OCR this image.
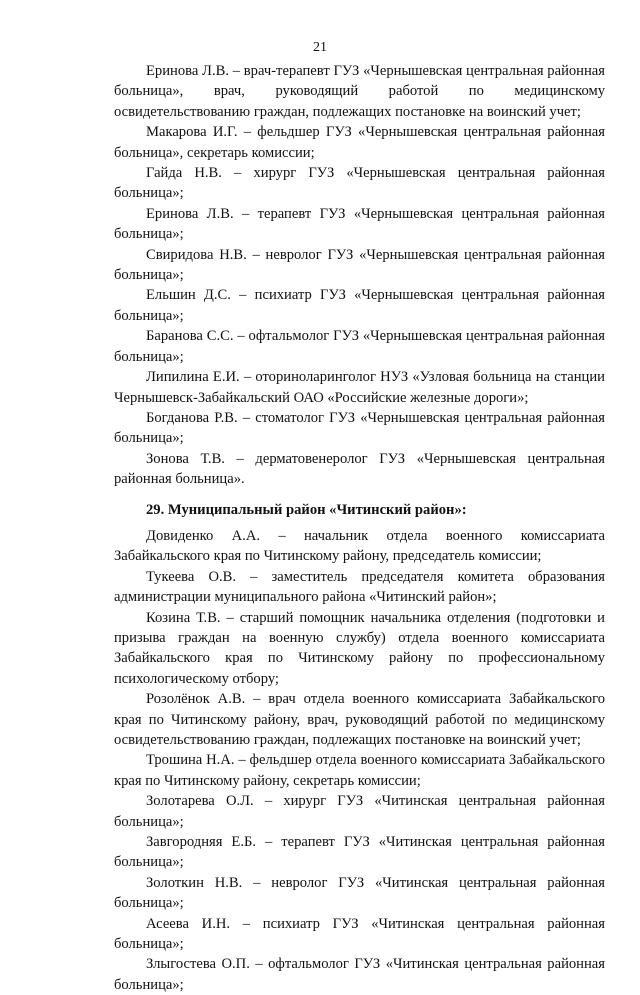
21

Еринова Л.В. – врач-терапевт ГУЗ «Чернышевская центральная районная больница», врач, руководящий работой по медицинскому освидетельствованию граждан, подлежащих постановке на воинский учет;

Макарова И.Г. – фельдшер ГУЗ «Чернышевская центральная районная больница», секретарь комиссии;

Гайда Н.В. – хирург ГУЗ «Чернышевская центральная районная больница»;

Еринова Л.В. – терапевт ГУЗ «Чернышевская центральная районная больница»;

Свиридова Н.В. – невролог ГУЗ «Чернышевская центральная районная больница»;

Ельшин Д.С. – психиатр ГУЗ «Чернышевская центральная районная больница»;

Баранова С.С. – офтальмолог ГУЗ «Чернышевская центральная районная больница»;

Липилина Е.И. – оториноларинголог НУЗ «Узловая больница на станции Чернышевск-Забайкальский ОАО «Российские железные дороги»;

Богданова Р.В. – стоматолог ГУЗ «Чернышевская центральная районная больница»;

Зонова Т.В. – дерматовенеролог ГУЗ «Чернышевская центральная районная больница».

29. Муниципальный район «Читинский район»:

Довиденко А.А. – начальник отдела военного комиссариата Забайкальского края по Читинскому району, председатель комиссии;

Тукеева О.В. – заместитель председателя комитета образования администрации муниципального района «Читинский район»;

Козина Т.В. – старший помощник начальника отделения (подготовки и призыва граждан на военную службу) отдела военного комиссариата Забайкальского края по Читинскому району по профессиональному психологическому отбору;

Розолёнок А.В. – врач отдела военного комиссариата Забайкальского края по Читинскому району, врач, руководящий работой по медицинскому освидетельствованию граждан, подлежащих постановке на воинский учет;

Трошина Н.А. – фельдшер отдела военного комиссариата Забайкальского края по Читинскому району, секретарь комиссии;

Золотарева О.Л. – хирург ГУЗ «Читинская центральная районная больница»;

Завгородняя Е.Б. – терапевт ГУЗ «Читинская центральная районная больница»;

Золоткин Н.В. – невролог ГУЗ «Читинская центральная районная больница»;

Асеева И.Н. – психиатр ГУЗ «Читинская центральная районная больница»;

Злыгостева О.П. – офтальмолог ГУЗ «Читинская центральная районная больница»;
